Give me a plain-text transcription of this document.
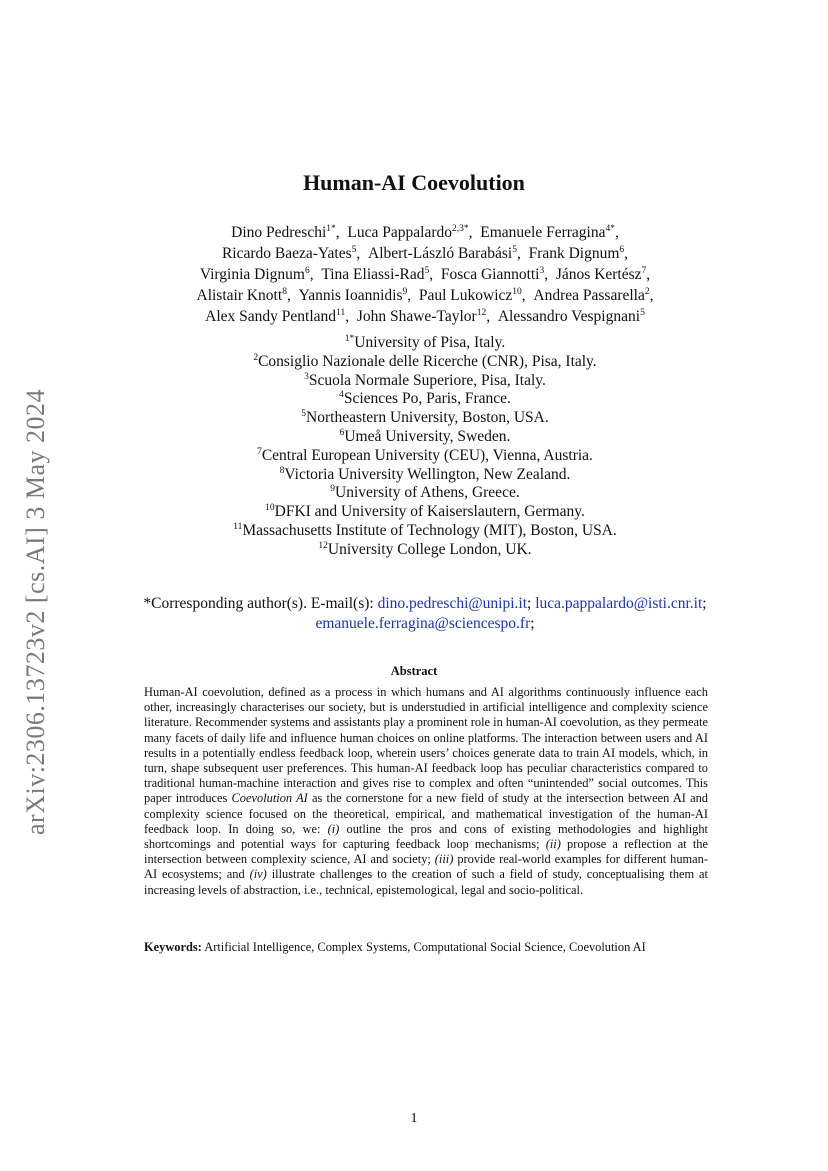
arXiv:2306.13723v2 [cs.AI] 3 May 2024
Human-AI Coevolution
Dino Pedreschi$^{1*}$ ,  Luca Pappalardo$^{2,3*}$ ,  Emanuele Ferragina$^{4*}$ ,
Ricardo Baeza-Yates$^5$ ,  Albert-László Barabási$^5$ ,  Frank Dignum$^6$ ,
Virginia Dignum$^6$ ,  Tina Eliassi-Rad$^5$ ,  Fosca Giannotti$^3$ ,  János Kertész$^7$ ,
Alistair Knott$^8$ ,  Yannis Ioannidis$^9$ ,  Paul Lukowicz$^{10}$ ,  Andrea Passarella$^2$ ,
Alex Sandy Pentland$^{11}$ ,  John Shawe-Taylor$^{12}$ ,  Alessandro Vespignani$^5$
$^{1*}$University of Pisa, Italy.
$^2$Consiglio Nazionale delle Ricerche (CNR), Pisa, Italy.
$^3$Scuola Normale Superiore, Pisa, Italy.
$^4$Sciences Po, Paris, France.
$^5$Northeastern University, Boston, USA.
$^6$Umeå University, Sweden.
$^7$Central European University (CEU), Vienna, Austria.
$^8$Victoria University Wellington, New Zealand.
$^9$University of Athens, Greece.
$^{10}$DFKI and University of Kaiserslautern, Germany.
$^{11}$Massachusetts Institute of Technology (MIT), Boston, USA.
$^{12}$University College London, UK.
*Corresponding author(s). E-mail(s): dino.pedreschi@unipi.it; luca.pappalardo@isti.cnr.it;
emanuele.ferragina@sciencespo.fr;
Abstract
Human-AI coevolution, defined as a process in which humans and AI algorithms continuously influence each other, increasingly characterises our society, but is understudied in artificial intelligence and complexity science literature. Recommender systems and assistants play a prominent role in human-AI coevolution, as they permeate many facets of daily life and influence human choices on online platforms. The interaction between users and AI results in a potentially endless feedback loop, wherein users’ choices generate data to train AI models, which, in turn, shape subsequent user preferences. This human-AI feedback loop has peculiar characteristics compared to traditional human-machine interaction and gives rise to complex and often “unintended” social outcomes. This paper introduces Coevolution AI as the cornerstone for a new field of study at the intersection between AI and complexity science focused on the theoretical, empirical, and mathematical investigation of the human-AI feedback loop. In doing so, we: (i) outline the pros and cons of existing methodologies and highlight shortcomings and potential ways for capturing feedback loop mechanisms; (ii) propose a reflection at the intersection between complexity science, AI and society; (iii) provide real-world examples for different human-AI ecosystems; and (iv) illustrate challenges to the creation of such a field of study, conceptualising them at increasing levels of abstraction, i.e., technical, epistemological, legal and socio-political.
Keywords: Artificial Intelligence, Complex Systems, Computational Social Science, Coevolution AI
1
